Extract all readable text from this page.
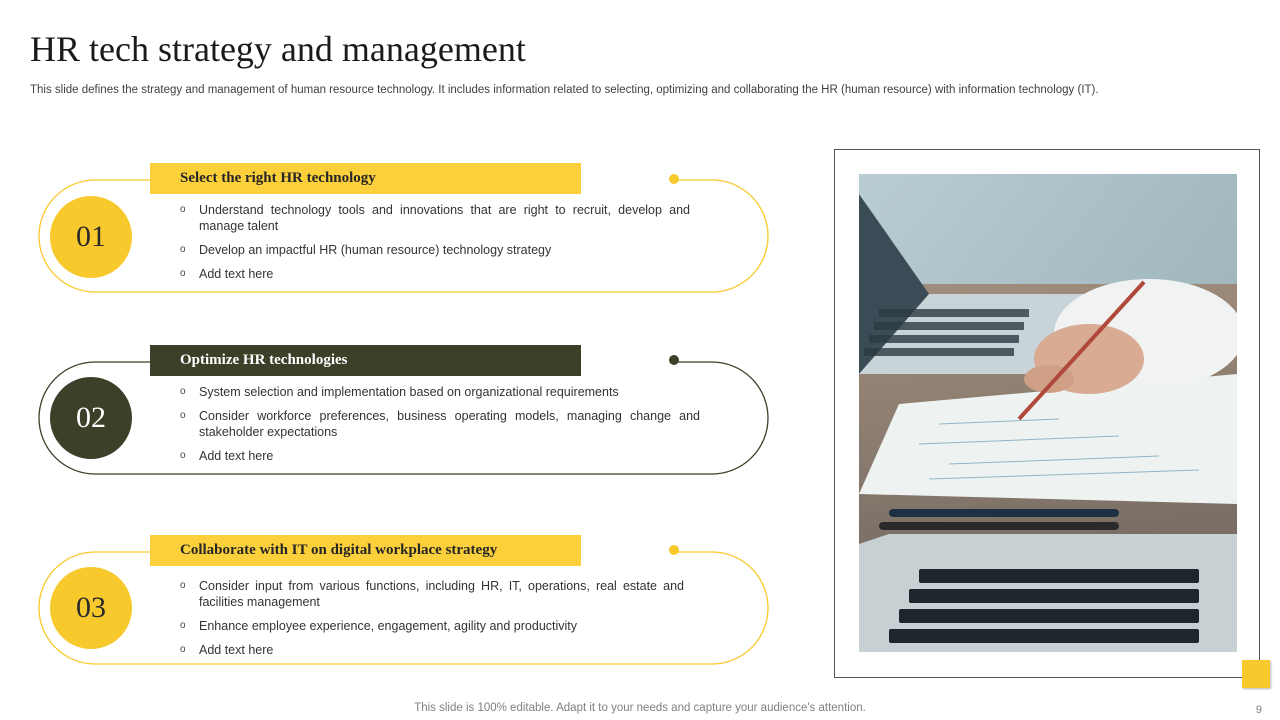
HR tech strategy and management

This slide defines the strategy and management of human resource technology. It includes information related to selecting, optimizing and collaborating the HR (human resource) with information technology (IT).

01
Select the right HR technology
o Understand technology tools and innovations that are right to recruit, develop and manage talent
o Develop an impactful HR (human resource) technology strategy
o Add text here
02
Optimize HR technologies
o System selection and implementation based on organizational requirements
o Consider workforce preferences, business operating models, managing change and stakeholder expectations
o Add text here
03
Collaborate with IT on digital workplace strategy
o Consider input from various functions, including HR, IT, operations, real estate and facilities management
o Enhance employee experience, engagement, agility and productivity
o Add text here
This slide is 100% editable. Adapt it to your needs and capture your audience's attention.	9
